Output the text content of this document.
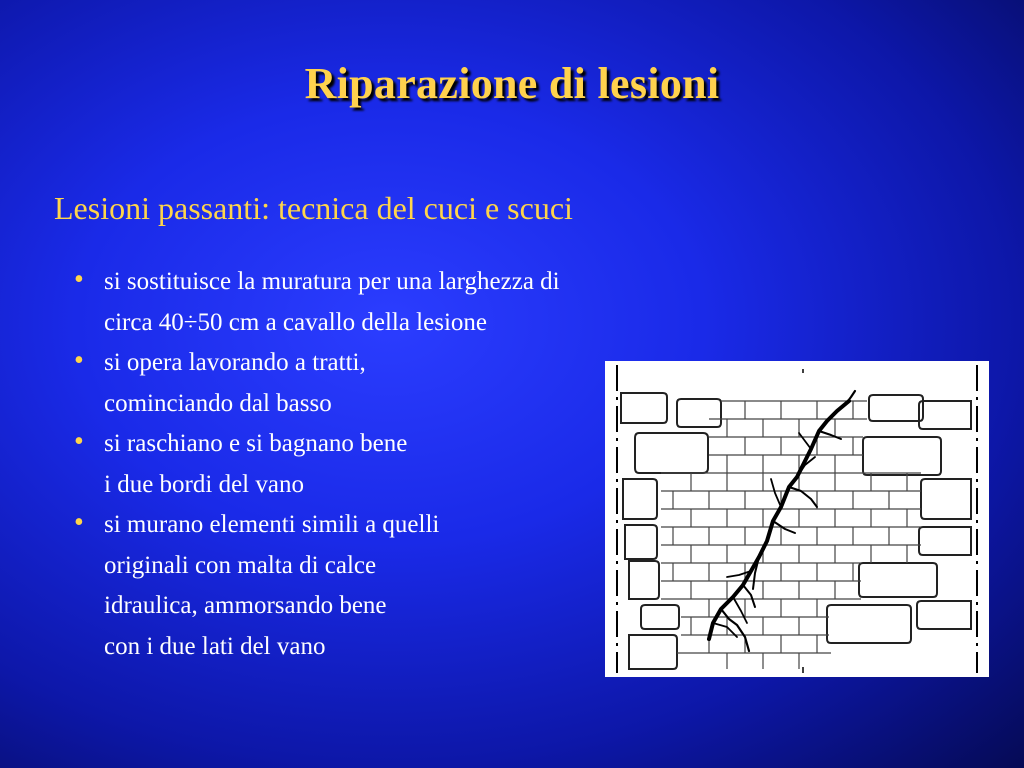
Riparazione di lesioni
Lesioni passanti: tecnica del cuci e scuci
• si sostituisce la muratura per una larghezza di
circa 40÷50 cm a cavallo della lesione
• si opera lavorando a tratti,
cominciando dal basso
• si raschiano e si bagnano bene
i due bordi del vano
• si murano elementi simili a quelli
originali con malta di calce
idraulica, ammorsando bene
con i due lati del vano
